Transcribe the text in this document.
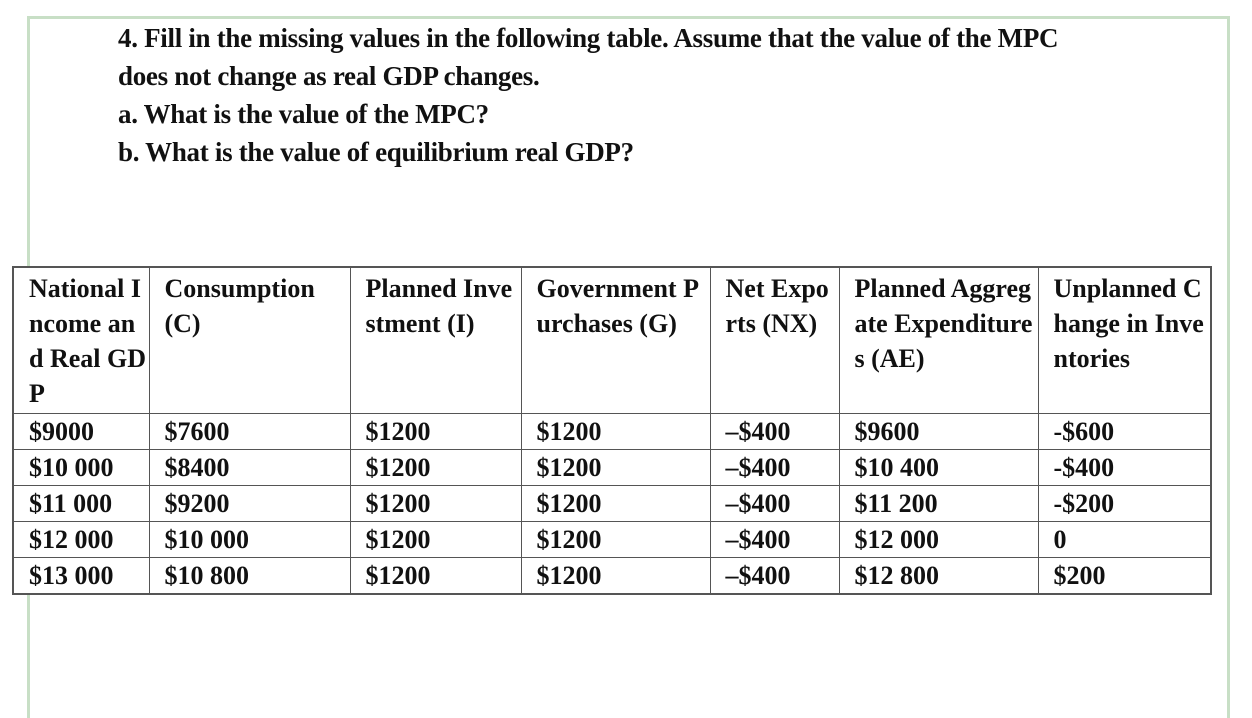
4. Fill in the missing values in the following table. Assume that the value of the MPC
does not change as real GDP changes.
a. What is the value of the MPC?
b. What is the value of equilibrium real GDP?
National Income and Real GDP	Consumption (C)	Planned Investment (I)	Government Purchases (G)	Net Exports (NX)	Planned Aggregate Expenditures (AE)	Unplanned Change in Inventories
$9000	$7600	$1200	$1200	–$400	$9600	-$600
$10 000	$8400	$1200	$1200	–$400	$10 400	-$400
$11 000	$9200	$1200	$1200	–$400	$11 200	-$200
$12 000	$10 000	$1200	$1200	–$400	$12 000	0
$13 000	$10 800	$1200	$1200	–$400	$12 800	$200
